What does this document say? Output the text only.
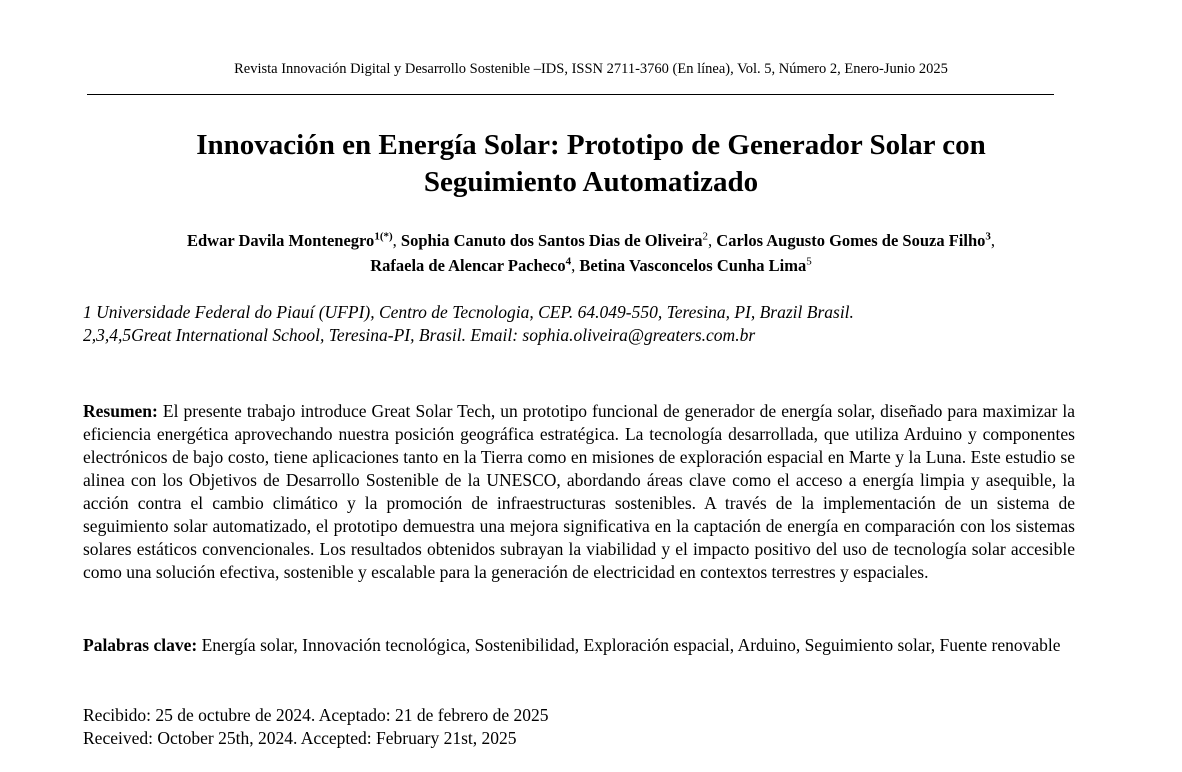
Revista Innovación Digital y Desarrollo Sostenible –IDS, ISSN 2711-3760 (En línea), Vol. 5, Número 2, Enero-Junio 2025
Innovación en Energía Solar: Prototipo de Generador Solar con
Seguimiento Automatizado
Edwar Davila Montenegro$^{1(*)}$, Sophia Canuto dos Santos Dias de Oliveira$^2$, Carlos Augusto Gomes de Souza Filho$^3$,
Rafaela de Alencar Pacheco$^4$, Betina Vasconcelos Cunha Lima$^5$
1 Universidade Federal do Piauí (UFPI), Centro de Tecnologia, CEP. 64.049-550, Teresina, PI, Brazil Brasil.
2,3,4,5Great International School, Teresina-PI, Brasil. Email: sophia.oliveira@greaters.com.br
Resumen: El presente trabajo introduce Great Solar Tech, un prototipo funcional de generador de energía solar, diseñado para maximizar la eficiencia energética aprovechando nuestra posición geográfica estratégica. La tecnología desarrollada, que utiliza Arduino y componentes electrónicos de bajo costo, tiene aplicaciones tanto en la Tierra como en misiones de exploración espacial en Marte y la Luna. Este estudio se alinea con los Objetivos de Desarrollo Sostenible de la UNESCO, abordando áreas clave como el acceso a energía limpia y asequible, la acción contra el cambio climático y la promoción de infraestructuras sostenibles. A través de la implementación de un sistema de seguimiento solar automatizado, el prototipo demuestra una mejora significativa en la captación de energía en comparación con los sistemas solares estáticos convencionales. Los resultados obtenidos subrayan la viabilidad y el impacto positivo del uso de tecnología solar accesible como una solución efectiva, sostenible y escalable para la generación de electricidad en contextos terrestres y espaciales.
Palabras clave: Energía solar, Innovación tecnológica, Sostenibilidad, Exploración espacial, Arduino, Seguimiento solar, Fuente renovable
Recibido: 25 de octubre de 2024. Aceptado: 21 de febrero de 2025
Received: October 25th, 2024. Accepted: February 21st, 2025
